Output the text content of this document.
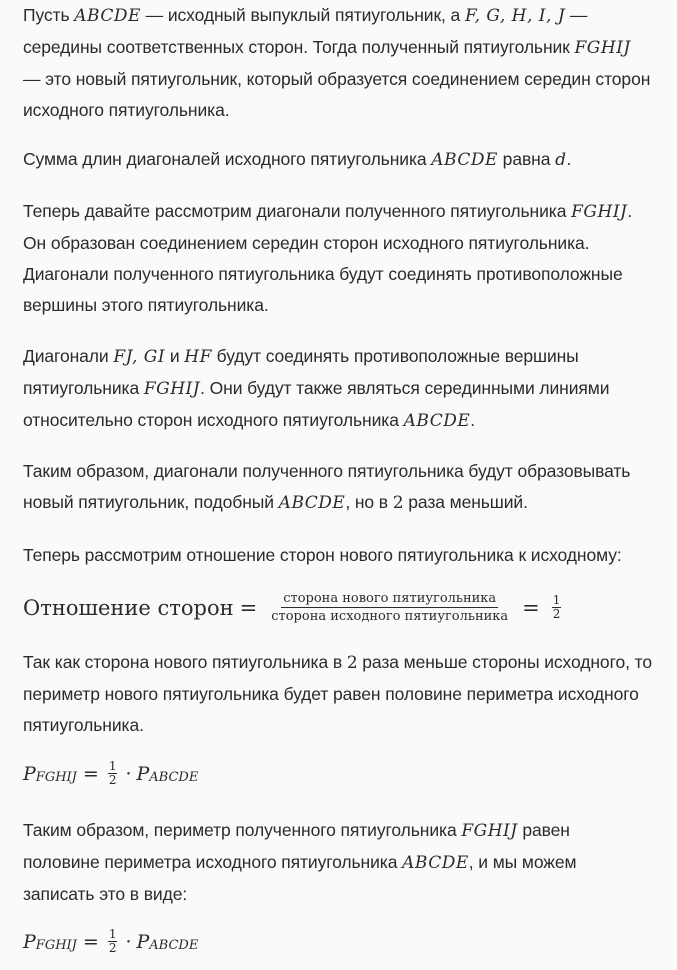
Пусть ABCDE — исходный выпуклый пятиугольник, а F, G, H, I, J —
середины соответственных сторон. Тогда полученный пятиугольник FGHIJ
— это новый пятиугольник, который образуется соединением середин сторон
исходного пятиугольника.

Сумма длин диагоналей исходного пятиугольника ABCDE равна d.

Теперь давайте рассмотрим диагонали полученного пятиугольника FGHIJ.
Он образован соединением середин сторон исходного пятиугольника.
Диагонали полученного пятиугольника будут соединять противоположные
вершины этого пятиугольника.

Диагонали FJ, GI и HF будут соединять противоположные вершины
пятиугольника FGHIJ. Они будут также являться серединными линиями
относительно сторон исходного пятиугольника ABCDE.

Таким образом, диагонали полученного пятиугольника будут образовывать
новый пятиугольник, подобный ABCDE, но в 2 раза меньший.

Теперь рассмотрим отношение сторон нового пятиугольника к исходному:

Отношение сторон = $\frac{\text{сторона нового пятиугольника}}{\text{сторона исходного пятиугольника}} = \frac{1}{2}$

Так как сторона нового пятиугольника в 2 раза меньше стороны исходного, то
периметр нового пятиугольника будет равен половине периметра исходного
пятиугольника.

P FGHIJ = $\frac{1}{2} \cdot P$ ABCDE

Таким образом, периметр полученного пятиугольника FGHIJ равен
половине периметра исходного пятиугольника ABCDE, и мы можем
записать это в виде:

P FGHIJ = $\frac{1}{2} \cdot P$ ABCDE
